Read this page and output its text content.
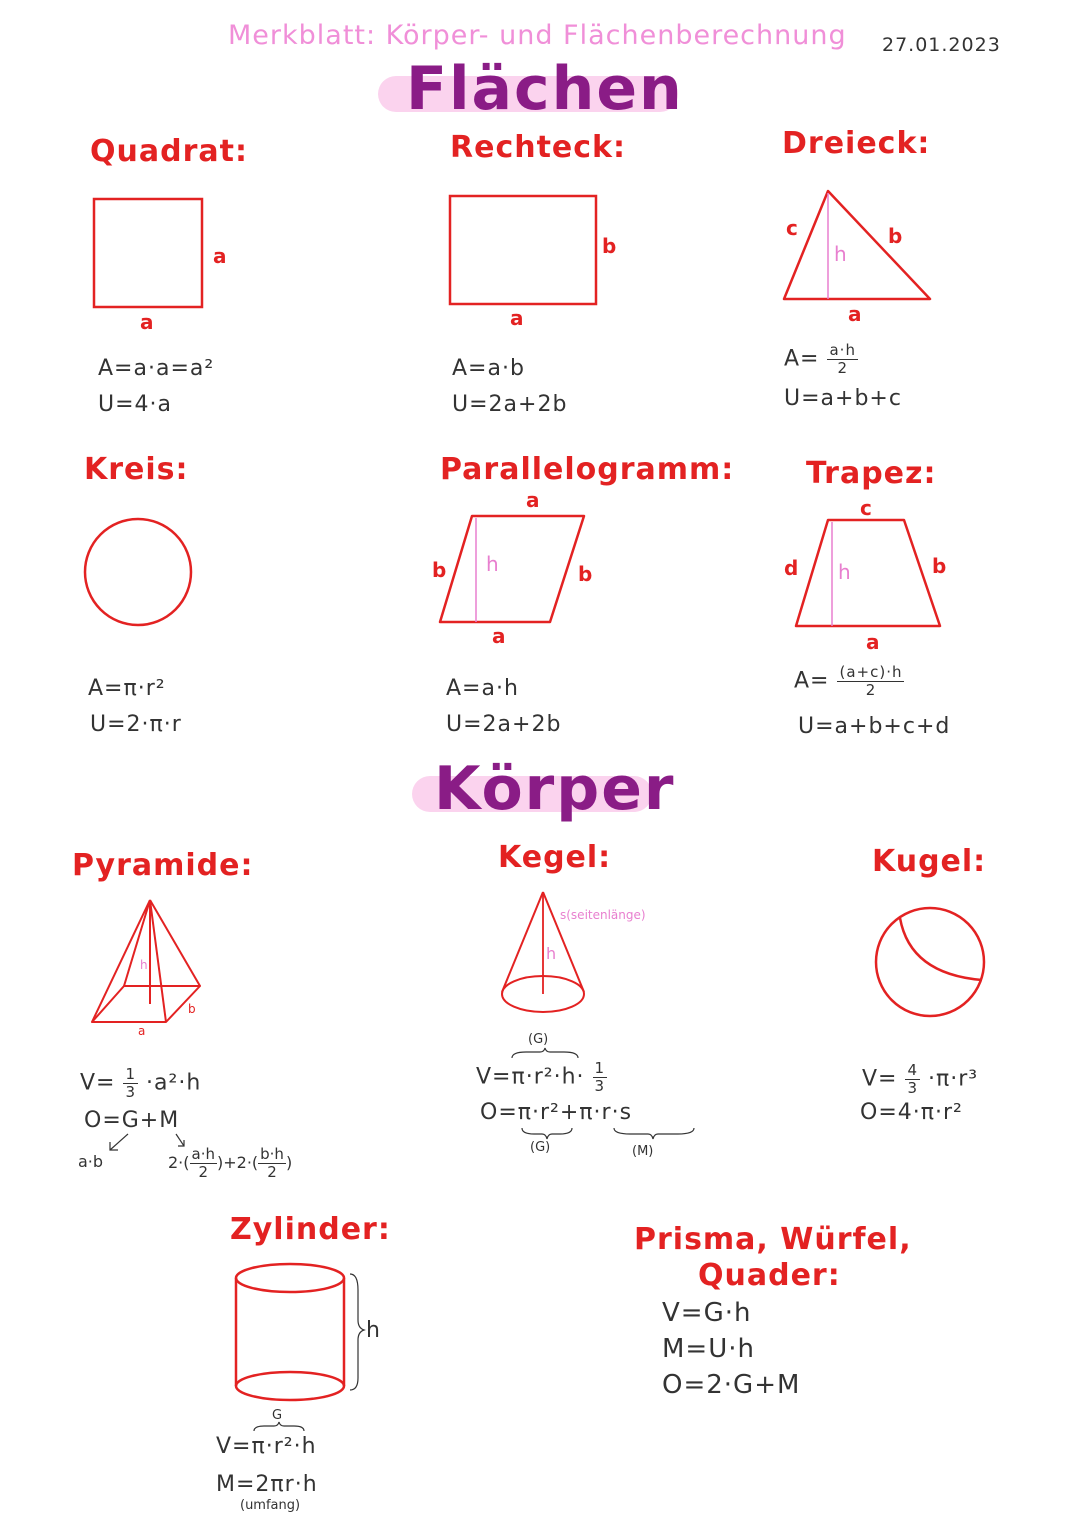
Merkblatt: Körper- und Flächenberechnung 27.01.2023
Flächen
Quadrat:
a
a
A=a·a=a²
U=4·a
Rechteck:
b
a
A=a·b
U=2a+2b
Dreieck:
c	b
h
a
$A= \frac{a\cdot h}{2}$
U=a+b+c
Kreis:
A=π·r²
U=2·π·r
Parallelogramm:
a
b h	b
a
A=a·h
U=2a+2b
Trapez:
c
d h	b
a
$A= \frac{(a+c)\cdot h}{2}$
U=a+b+c+d
Körper
Pyramide:
h
a
b
$V= \frac{1}{3} \cdot a^2\cdot h$
O=G+M
a·b	$2\cdot( \frac{a\cdot h}{2} )+2\cdot( \frac{b\cdot h}{2}$ )
Kegel:
s(seitenlänge)
h
(G)
$V=\pi\cdot r^2\cdot h\cdot \frac{1}{3}$
O=π·r²+π·r·s
(G)	(M)
Kugel:
$V= \frac{4}{3} \cdot\pi\cdot r^3$
O=4·π·r²
Zylinder:
h
G
V=π·r²·h
M=2πr·h
(umfang)
Prisma, Würfel,
Quader:
V=G·h
M=U·h
O=2·G+M
